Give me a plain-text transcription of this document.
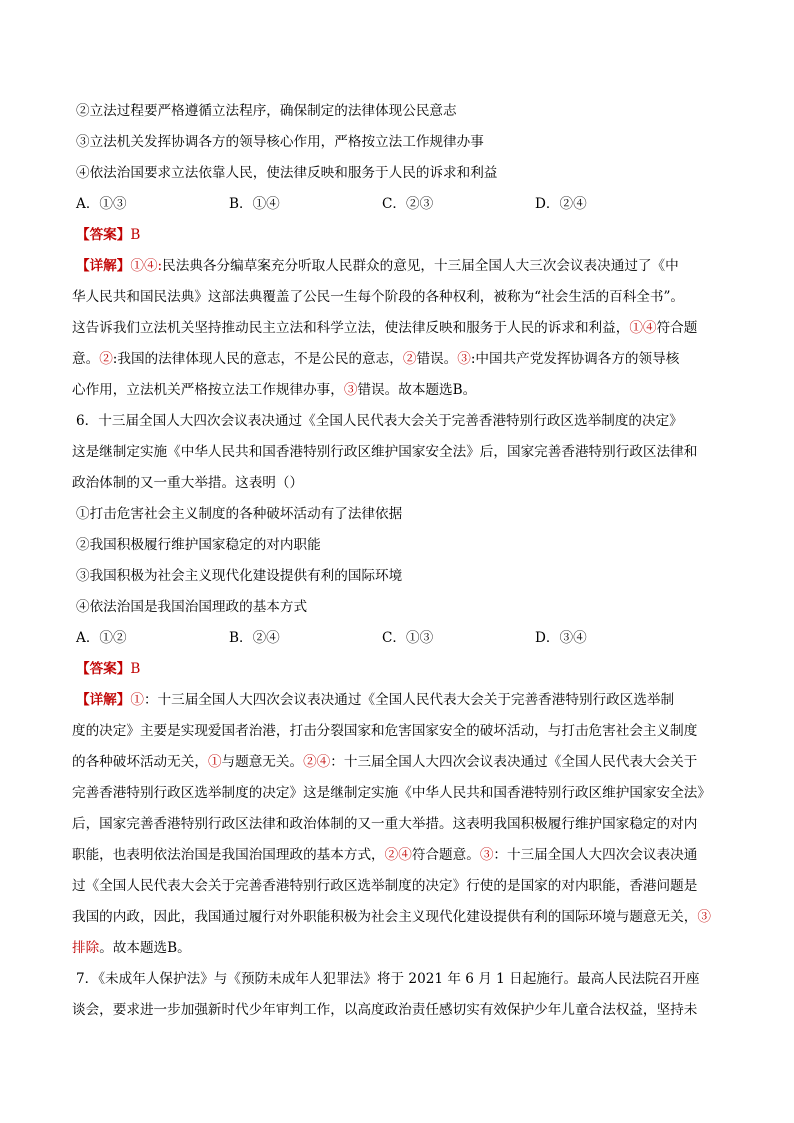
②立法过程要严格遵循立法程序，确保制定的法律体现公民意志

③立法机关发挥协调各方的领导核心作用，严格按立法工作规律办事

④依法治国要求立法依靠人民，使法律反映和服务于人民的诉求和利益

A．①③	B．①④	C．②③	D．②④

【答案】B

【详解】①④:民法典各分编草案充分听取人民群众的意见，十三届全国人大三次会议表决通过了《中

华人民共和国民法典》这部法典覆盖了公民一生每个阶段的各种权利，被称为“社会生活的百科全书”。

这告诉我们立法机关坚持推动民主立法和科学立法，使法律反映和服务于人民的诉求和利益，①④符合题

意。②:我国的法律体现人民的意志，不是公民的意志，②错误。③:中国共产党发挥协调各方的领导核

心作用，立法机关严格按立法工作规律办事，③错误。故本题选B。

6．十三届全国人大四次会议表决通过《全国人民代表大会关于完善香港特别行政区选举制度的决定》

这是继制定实施《中华人民共和国香港特别行政区维护国家安全法》后，国家完善香港特别行政区法律和

政治体制的又一重大举措。这表明（）

①打击危害社会主义制度的各种破坏活动有了法律依据

②我国积极履行维护国家稳定的对内职能

③我国积极为社会主义现代化建设提供有利的国际环境

④依法治国是我国治国理政的基本方式

A．①②	B．②④	C．①③	D．③④

【答案】B

【详解】①：十三届全国人大四次会议表决通过《全国人民代表大会关于完善香港特别行政区选举制

度的决定》主要是实现爱国者治港，打击分裂国家和危害国家安全的破坏活动，与打击危害社会主义制度

的各种破坏活动无关，①与题意无关。②④：十三届全国人大四次会议表决通过《全国人民代表大会关于

完善香港特别行政区选举制度的决定》这是继制定实施《中华人民共和国香港特别行政区维护国家安全法》

后，国家完善香港特别行政区法律和政治体制的又一重大举措。这表明我国积极履行维护国家稳定的对内

职能，也表明依法治国是我国治国理政的基本方式，②④符合题意。③：十三届全国人大四次会议表决通

过《全国人民代表大会关于完善香港特别行政区选举制度的决定》行使的是国家的对内职能，香港问题是

我国的内政，因此，我国通过履行对外职能积极为社会主义现代化建设提供有利的国际环境与题意无关，③

排除。故本题选B。

7．《未成年人保护法》与《预防未成年人犯罪法》将于 2021 年 6 月 1 日起施行。最高人民法院召开座

谈会，要求进一步加强新时代少年审判工作，以高度政治责任感切实有效保护少年儿童合法权益，坚持未
